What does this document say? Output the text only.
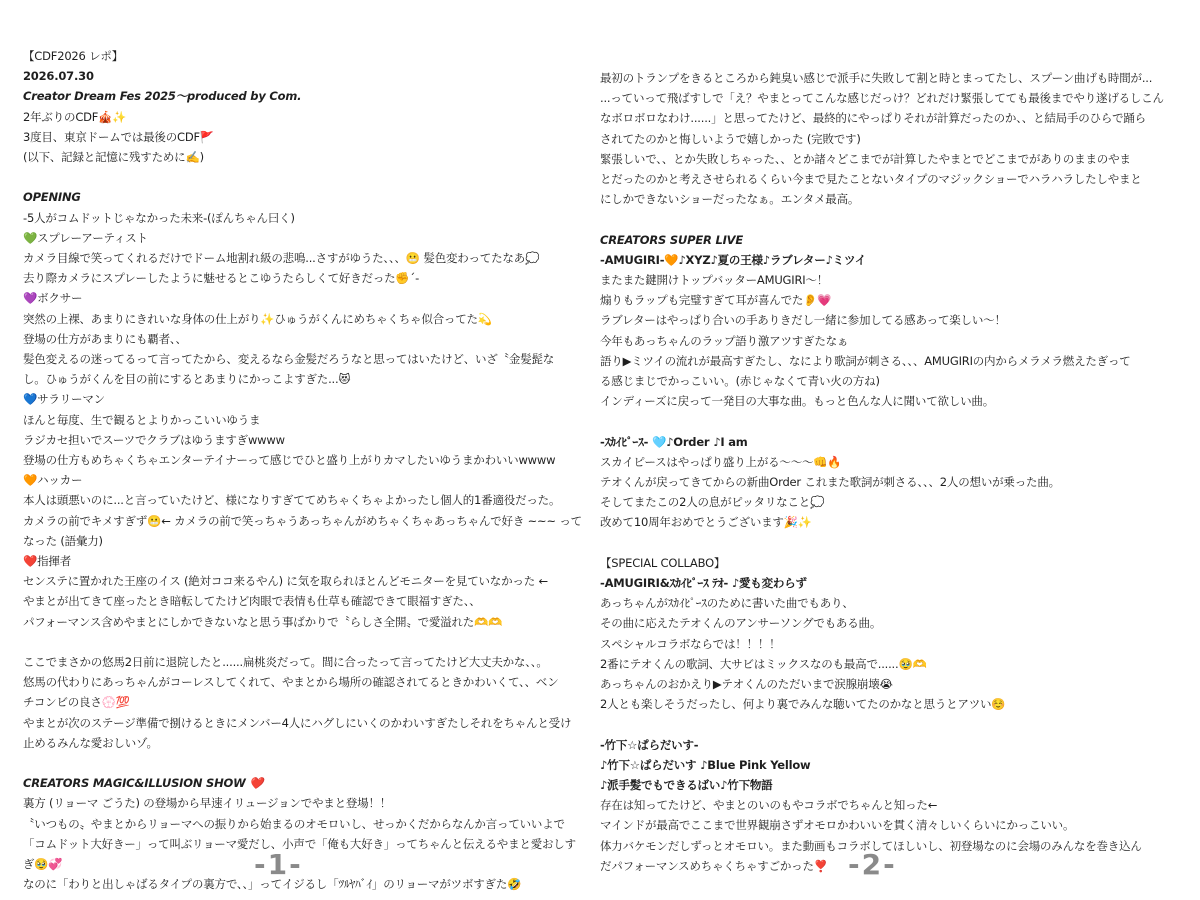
【CDF2026 レポ】
2026.07.30
Creator Dream Fes 2025〜produced by Com.
2年ぶりのCDF🎪✨
3度目、東京ドームでは最後のCDF🚩
(以下、記録と記憶に残すために✍️)
OPENING
-5人がコムドットじゃなかった未来-(ぽんちゃん曰く)
💚スプレーアーティスト
カメラ目線で笑ってくれるだけでドーム地割れ級の悲鳴...さすがゆうた、、、😬 髪色変わってたなあ💭
去り際カメラにスプレーしたように魅せるとこゆうたらしくて好きだった✊´-
💜ボクサー
突然の上裸、あまりにきれいな身体の仕上がり✨ひゅうがくんにめちゃくちゃ似合ってた💫
登場の仕方があまりにも覇者、、
髪色変えるの迷ってるって言ってたから、変えるなら金髪だろうなと思ってはいたけど、いざ〝金髪髭な
し。ひゅうがくんを目の前にするとあまりにかっこよすぎた...😻
💙サラリーマン
ほんと毎度、生で観るとよりかっこいいゆうま
ラジカセ担いでスーツでクラブはゆうますぎwwww
登場の仕方もめちゃくちゃエンターテイナーって感じでひと盛り上がりカマしたいゆうまかわいいwwww
🧡ハッカー
本人は頭悪いのに...と言っていたけど、様になりすぎててめちゃくちゃよかったし個人的1番適役だった。
カメラの前でキメすぎず😬← カメラの前で笑っちゃうあっちゃんがめちゃくちゃあっちゃんで好き ~~~ って
なった (語彙力)
❤️指揮者
センステに置かれた王座のイス (絶対ココ来るやん) に気を取られほとんどモニターを見ていなかった ←
やまとが出てきて座ったとき暗転してたけど肉眼で表情も仕草も確認できて眼福すぎた、、
パフォーマンス含めやまとにしかできないなと思う事ばかりで〝らしさ全開〟で愛溢れた🫶🫶
ここでまさかの悠馬2日前に退院したと......扁桃炎だって。間に合ったって言ってたけど大丈夫かな、、。
悠馬の代わりにあっちゃんがコーレスしてくれて、やまとから場所の確認されてるときかわいくて、、ベン
チコンビの良さ💮💯
やまとが次のステージ準備で捌けるときにメンバー4人にハグしにいくのかわいすぎたしそれをちゃんと受け
止めるみんな愛おしいゾ。
CREATORS MAGIC&ILLUSION SHOW ❤️
裏方 (リョーマ ごうた) の登場から早速イリュージョンでやまと登場！！
〝いつもの〟やまとからリョーマへの振りから始まるのオモロいし、せっかくだからなんか言っていいよで
「コムドット大好きー」って叫ぶリョーマ愛だし、小声で「俺も大好き」ってちゃんと伝えるやまと愛おしす
ぎ🥹💞
なのに「わりと出しゃばるタイプの裏方で、、」ってイジるし「ﾂﾙﾔﾊﾞｲ」のリョーマがツボすぎた🤣
最初のトランプをきるところから鈍臭い感じで派手に失敗して割と時とまってたし、スプーン曲げも時間が...
...っていって飛ばすしで「え？やまとってこんな感じだっけ？どれだけ緊張してても最後までやり遂げるしこん
なボロボロなわけ......」と思ってたけど、最終的にやっぱりそれが計算だったのか、、と結局手のひらで踊ら
されてたのかと悔しいようで嬉しかった (完敗です)
緊張しいで、、とか失敗しちゃった、、とか諸々どこまでが計算したやまとでどこまでがありのままのやま
とだったのかと考えさせられるくらい今まで見たことないタイプのマジックショーでハラハラしたしやまと
にしかできないショーだったなぁ。エンタメ最高。
CREATORS SUPER LIVE
-AMUGIRI-🧡♪XYZ♪夏の王様♪ラブレター♪ミツイ
またまた鍵開けトップバッターAMUGIRI〜！
煽りもラップも完璧すぎて耳が喜んでた👂💗
ラブレターはやっぱり合いの手ありきだし一緒に参加してる感あって楽しい〜！
今年もあっちゃんのラップ語り激アツすぎたなぁ
語り▶ミツイの流れが最高すぎたし、なにより歌詞が刺さる、、、AMUGIRIの内からメラメラ燃えたぎって
る感じまじでかっこいい。(赤じゃなくて青い火の方ね)
インディーズに戻って一発目の大事な曲。もっと色んな人に聞いて欲しい曲。
-ｽｶｲﾋﾟｰｽ- 🩵♪Order ♪I am
スカイピースはやっぱり盛り上がる〜〜〜👊🔥
テオくんが戻ってきてからの新曲Order これまた歌詞が刺さる、、、2人の想いが乗った曲。
そしてまたこの2人の息がピッタリなこと💭
改めて10周年おめでとうございます🎉✨
【SPECIAL COLLABO】
-AMUGIRI&ｽｶｲﾋﾟｰｽ ﾃｵ- ♪愛も変わらず
あっちゃんがｽｶｲﾋﾟｰｽのために書いた曲でもあり、
その曲に応えたテオくんのアンサーソングでもある曲。
スペシャルコラボならでは！！！！
2番にテオくんの歌詞、大サビはミックスなのも最高で......🥹🫶
あっちゃんのおかえり▶テオくんのただいまで涙腺崩壊😭
2人とも楽しそうだったし、何より裏でみんな聴いてたのかなと思うとアツい☺️
-竹下☆ぱらだいす-
♪竹下☆ぱらだいす ♪Blue Pink Yellow
♪派手髪でもできるばい♪竹下物語
存在は知ってたけど、やまとのいのもやコラボでちゃんと知った←
マインドが最高でここまで世界観崩さずオモロかわいいを貫く清々しいくらいにかっこいい。
体力バケモンだしずっとオモロい。また動画もコラボしてほしいし、初登場なのに会場のみんなを巻き込ん
だパフォーマンスめちゃくちゃすごかった❣️
-1-	-2-
